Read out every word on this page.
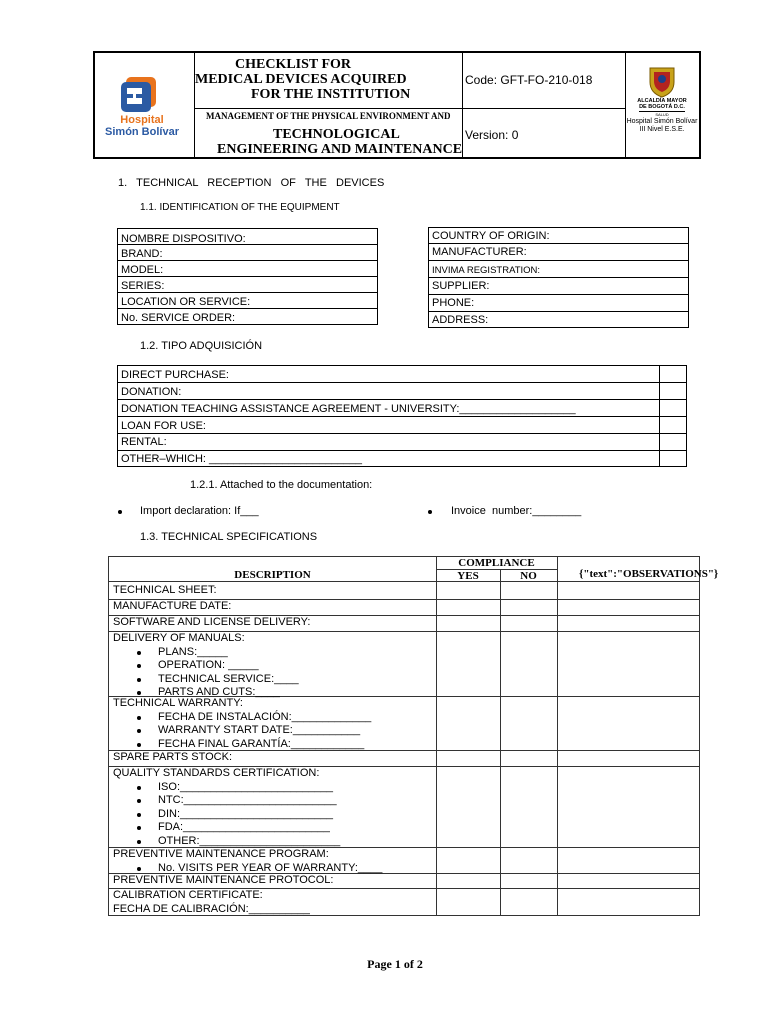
Hospital
Simón Bolívar
CHECKLIST FOR
MEDICAL DEVICES ACQUIRED
FOR THE INSTITUTION
Code: GFT-FO-210-018
MANAGEMENT OF THE PHYSICAL ENVIRONMENT AND
TECHNOLOGICAL
ENGINEERING AND MAINTENANCE
Version: 0
ALCALDÍA MAYOR
DE BOGOTÁ D.C.
SALUD
Hospital Simón Bolívar
III Nivel E.S.E.
1.   TECHNICAL   RECEPTION   OF   THE   DEVICES
1.1. IDENTIFICATION OF THE EQUIPMENT
NOMBRE DISPOSITIVO:
BRAND:
MODEL:
SERIES:
LOCATION OR SERVICE:
No. SERVICE ORDER:
COUNTRY OF ORIGIN:
MANUFACTURER:
INVIMA REGISTRATION:
SUPPLIER:
PHONE:
ADDRESS:
1.2. TIPO ADQUISICIÓN
DIRECT PURCHASE:
DONATION:
DONATION TEACHING ASSISTANCE AGREEMENT - UNIVERSITY:___________________
LOAN FOR USE:
RENTAL:
OTHER–WHICH: _________________________
1.2.1. Attached to the documentation:
Import declaration: If___	Invoice  number:________
1.3. TECHNICAL SPECIFICATIONS
COMPLIANCE
DESCRIPTION	YES	NO	{"text":"OBSERVATIONS"}
TECHNICAL SHEET:
MANUFACTURE DATE:
SOFTWARE AND LICENSE DELIVERY:
DELIVERY OF MANUALS:
PLANS:_____
OPERATION: _____
TECHNICAL SERVICE:____
PARTS AND CUTS:____
TECHNICAL WARRANTY:
FECHA DE INSTALACIÓN:_____________
WARRANTY START DATE:___________
FECHA FINAL GARANTÍA:____________
SPARE PARTS STOCK:
QUALITY STANDARDS CERTIFICATION:
ISO:_________________________
NTC:_________________________
DIN:_________________________
FDA:________________________
OTHER:_______________________
PREVENTIVE MAINTENANCE PROGRAM:
No. VISITS PER YEAR OF WARRANTY:____
PREVENTIVE MAINTENANCE PROTOCOL:
CALIBRATION CERTIFICATE:
FECHA DE CALIBRACIÓN:__________
Page 1 of 2
